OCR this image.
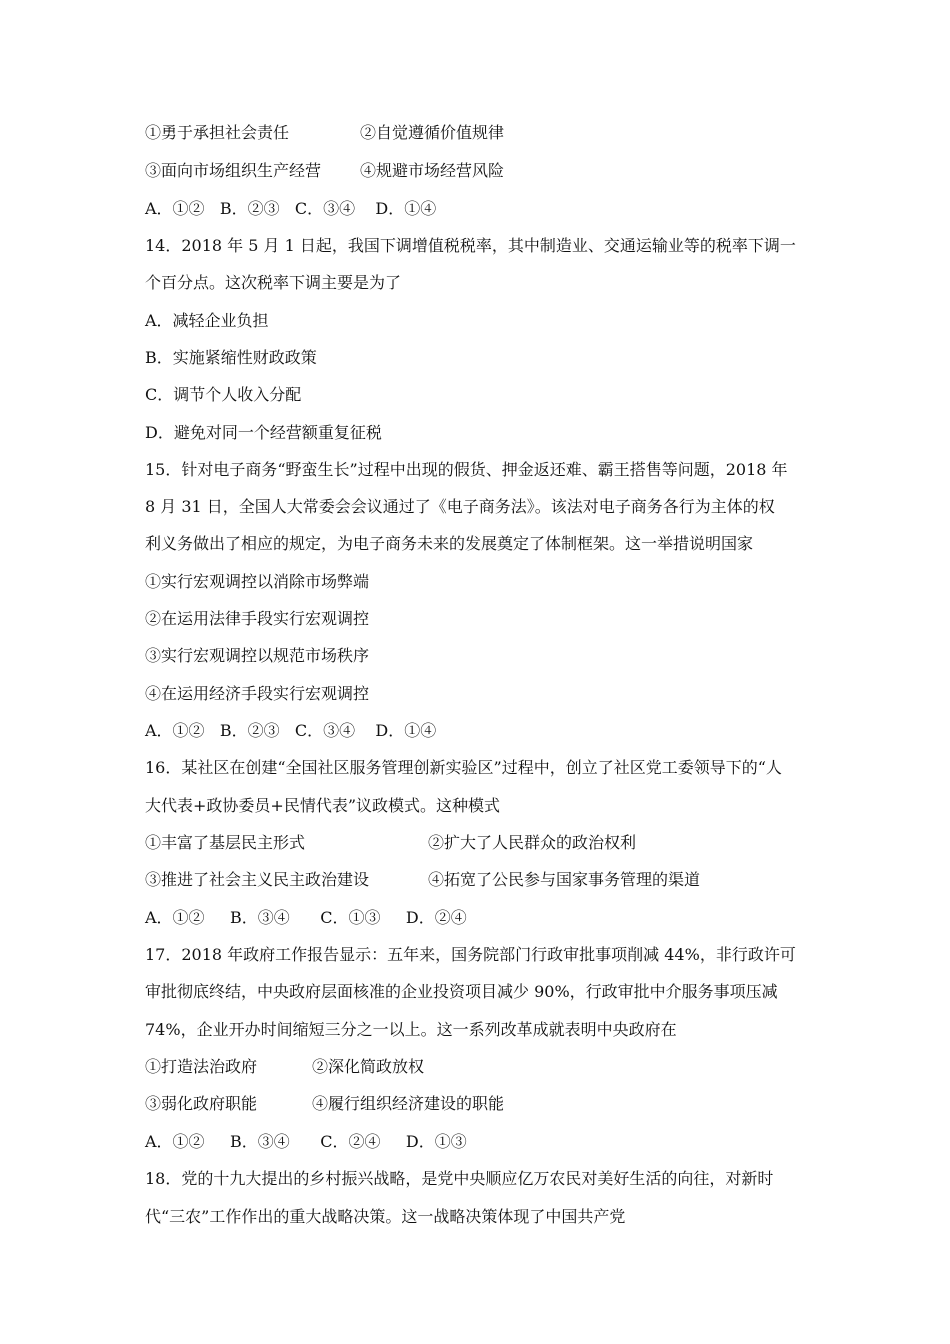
①勇于承担社会责任	②自觉遵循价值规律
③面向市场组织生产经营 ④规避市场经营风险
A．①②   B．②③   C．③④    D．①④
14．2018 年 5 月 1 日起，我国下调增值税税率，其中制造业、交通运输业等的税率下调一
个百分点。这次税率下调主要是为了
A．减轻企业负担
B．实施紧缩性财政政策
C．调节个人收入分配
D．避免对同一个经营额重复征税
15．针对电子商务“野蛮生长”过程中出现的假货、押金返还难、霸王搭售等问题，2018 年
8 月 31 日，全国人大常委会会议通过了《电子商务法》。该法对电子商务各行为主体的权
利义务做出了相应的规定，为电子商务未来的发展奠定了体制框架。这一举措说明国家
①实行宏观调控以消除市场弊端
②在运用法律手段实行宏观调控
③实行宏观调控以规范市场秩序
④在运用经济手段实行宏观调控
A．①②   B．②③   C．③④    D．①④
16．某社区在创建“全国社区服务管理创新实验区”过程中，创立了社区党工委领导下的“人
大代表+政协委员+民情代表”议政模式。这种模式
①丰富了基层民主形式	②扩大了人民群众的政治权利
③推进了社会主义民主政治建设	④拓宽了公民参与国家事务管理的渠道
A．①②     B．③④      C．①③     D．②④
17．2018 年政府工作报告显示：五年来，国务院部门行政审批事项削减 44%，非行政许可
审批彻底终结，中央政府层面核准的企业投资项目减少 90%，行政审批中介服务事项压减
74%，企业开办时间缩短三分之一以上。这一系列改革成就表明中央政府在
①打造法治政府	②深化简政放权
③弱化政府职能	④履行组织经济建设的职能
A．①②     B．③④      C．②④     D．①③
18．党的十九大提出的乡村振兴战略，是党中央顺应亿万农民对美好生活的向往，对新时
代“三农”工作作出的重大战略决策。这一战略决策体现了中国共产党
